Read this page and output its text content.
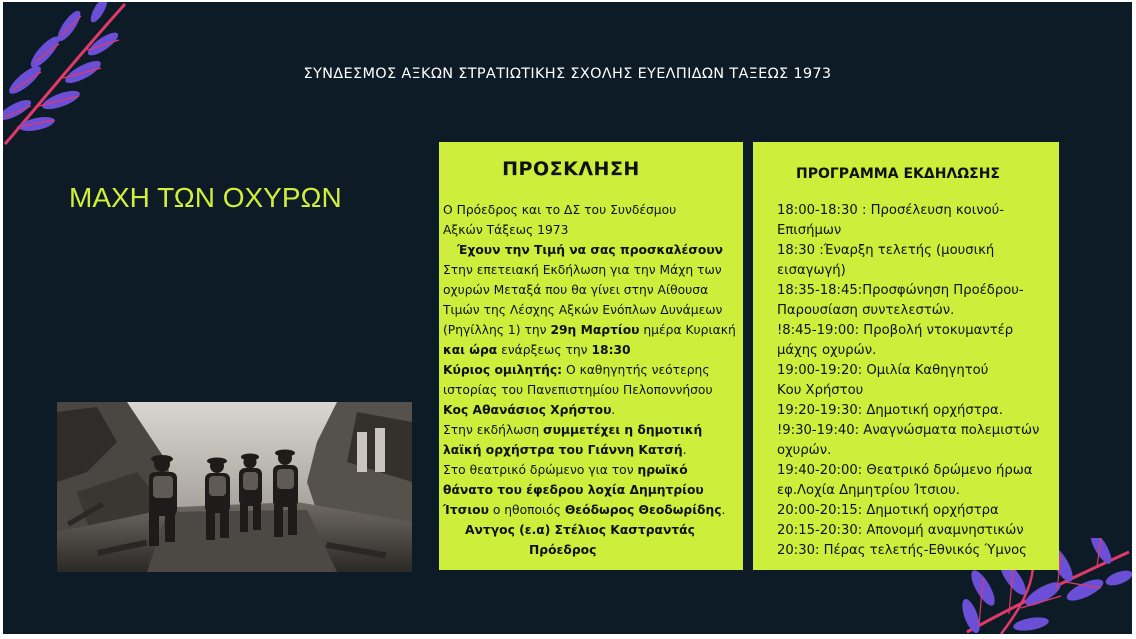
ΣΥΝΔΕΣΜΟΣ ΑΞΚΩΝ ΣΤΡΑΤΙΩΤΙΚΗΣ ΣΧΟΛΗΣ ΕΥΕΛΠΙΔΩΝ ΤΑΞΕΩΣ 1973
ΜΑΧΗ ΤΩΝ ΟΧΥΡΩΝ
ΠΡΟΣΚΛΗΣΗ
Ο Πρόεδρος και το ΔΣ του Συνδέσμου
Αξκών Τάξεως 1973
Έχουν την Τιμή να σας προσκαλέσουν
Στην επετειακή Εκδήλωση για την Μάχη των
οχυρών Μεταξά που θα γίνει στην Αίθουσα
Τιμών της Λέσχης Αξκών Ενόπλων Δυνάμεων
(Ρηγίλλης 1) την 29η Μαρτίου ημέρα Κυριακή
και ώρα ενάρξεως την 18:30
Κύριος ομιλητής: Ο καθηγητής νεότερης
ιστορίας του Πανεπιστημίου Πελοποννήσου
Κος Αθανάσιος Χρήστου.
Στην εκδήλωση συμμετέχει η δημοτική
λαϊκή ορχήστρα του Γιάννη Κατσή.
Στο θεατρικό δρώμενο για τον ηρωϊκό
θάνατο του έφεδρου λοχία Δημητρίου
Ίτσιου ο ηθοποιός Θεόδωρος Θεοδωρίδης.
Αντγος (ε.α) Στέλιος Καστραντάς
Πρόεδρος
ΠΡΟΓΡΑΜΜΑ ΕΚΔΗΛΩΣΗΣ
18:00-18:30 : Προσέλευση κοινού-
Επισήμων
18:30 :Έναρξη τελετής (μουσική
εισαγωγή)
18:35-18:45:Προσφώνηση Προέδρου-
Παρουσίαση συντελεστών.
!8:45-19:00: Προβολή ντοκυμαντέρ
μάχης οχυρών.
19:00-19:20: Ομιλία Καθηγητού
Κου Χρήστου
19:20-19:30: Δημοτική ορχήστρα.
!9:30-19:40: Αναγνώσματα πολεμιστών
οχυρών.
19:40-20:00: Θεατρικό δρώμενο ήρωα
εφ.Λοχία Δημητρίου Ίτσιου.
20:00-20:15: Δημοτική ορχήστρα
20:15-20:30: Απονομή αναμνηστικών
20:30: Πέρας τελετής-Εθνικός Ύμνος
